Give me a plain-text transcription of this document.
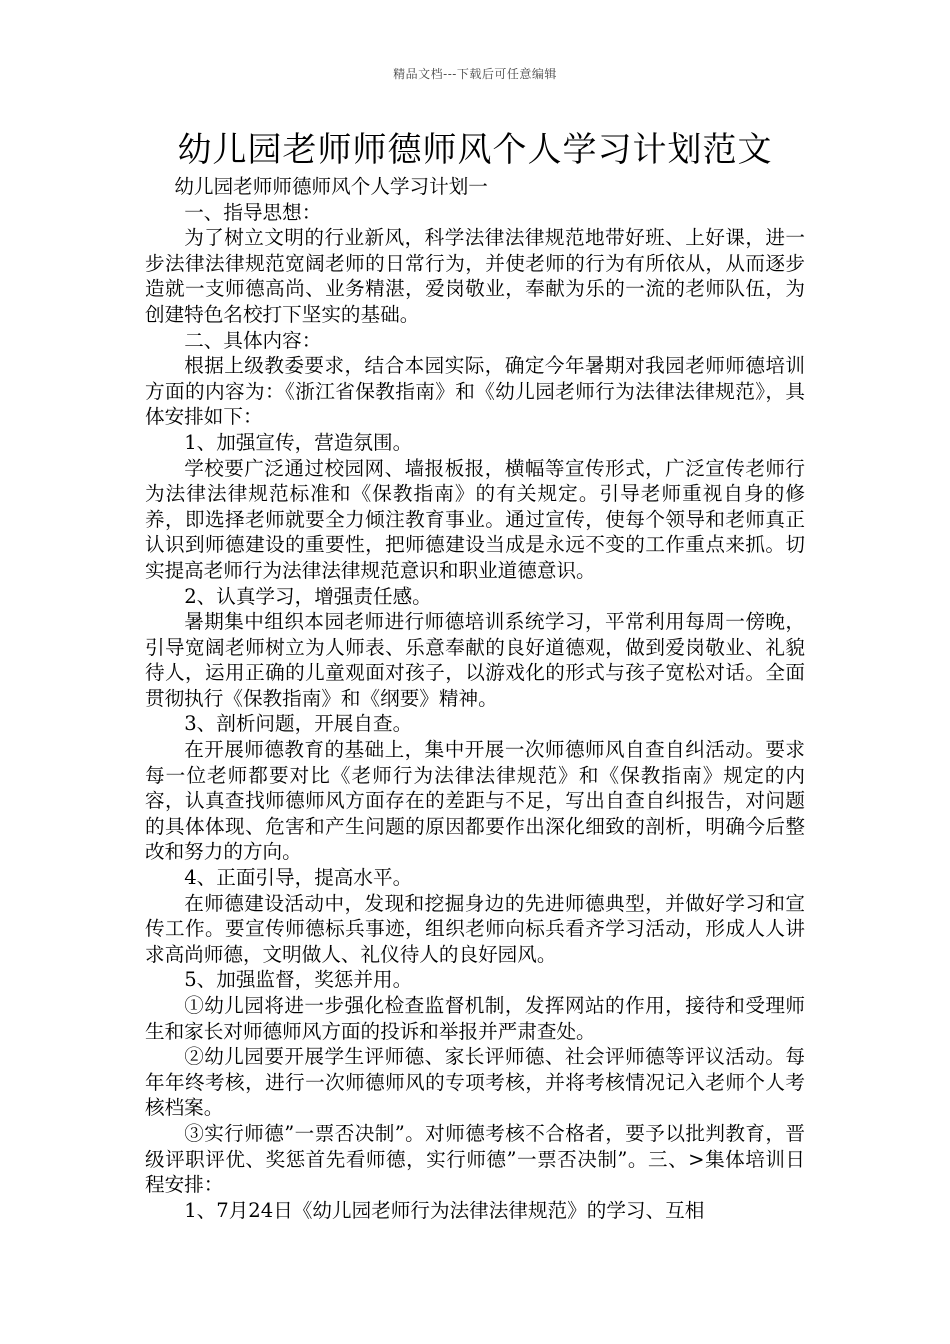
精品文档---下载后可任意编辑
幼儿园老师师德师风个人学习计划范文

幼儿园老师师德师风个人学习计划一

一、指导思想：

为了树立文明的行业新风，科学法律法律规范地带好班、上好课，进一步法律法律规范宽阔老师的日常行为，并使老师的行为有所依从，从而逐步造就一支师德高尚、业务精湛，爱岗敬业，奉献为乐的一流的老师队伍，为创建特色名校打下坚实的基础。

二、具体内容：

根据上级教委要求，结合本园实际，确定今年暑期对我园老师师德培训方面的内容为：《浙江省保教指南》和《幼儿园老师行为法律法律规范》，具体安排如下：

1、加强宣传，营造氛围。

学校要广泛通过校园网、墙报板报，横幅等宣传形式，广泛宣传老师行为法律法律规范标准和《保教指南》的有关规定。引导老师重视自身的修养，即选择老师就要全力倾注教育事业。通过宣传，使每个领导和老师真正认识到师德建设的重要性，把师德建设当成是永远不变的工作重点来抓。切实提高老师行为法律法律规范意识和职业道德意识。

2、认真学习，增强责任感。

暑期集中组织本园老师进行师德培训系统学习，平常利用每周一傍晚，引导宽阔老师树立为人师表、乐意奉献的良好道德观，做到爱岗敬业、礼貌待人，运用正确的儿童观面对孩子，以游戏化的形式与孩子宽松对话。全面贯彻执行《保教指南》和《纲要》精神。

3、剖析问题，开展自查。

在开展师德教育的基础上，集中开展一次师德师风自查自纠活动。要求每一位老师都要对比《老师行为法律法律规范》和《保教指南》规定的内容，认真查找师德师风方面存在的差距与不足，写出自查自纠报告，对问题的具体体现、危害和产生问题的原因都要作出深化细致的剖析，明确今后整改和努力的方向。

4、正面引导，提高水平。

在师德建设活动中，发现和挖掘身边的先进师德典型，并做好学习和宣传工作。要宣传师德标兵事迹，组织老师向标兵看齐学习活动，形成人人讲求高尚师德，文明做人、礼仪待人的良好园风。

5、加强监督，奖惩并用。

①幼儿园将进一步强化检查监督机制，发挥网站的作用，接待和受理师生和家长对师德师风方面的投诉和举报并严肃查处。

②幼儿园要开展学生评师德、家长评师德、社会评师德等评议活动。每年年终考核，进行一次师德师风的专项考核，并将考核情况记入老师个人考核档案。

③实行师德”一票否决制”。对师德考核不合格者，要予以批判教育，晋级评职评优、奖惩首先看师德，实行师德”一票否决制”。三、>集体培训日程安排：

1、7月24日《幼儿园老师行为法律法律规范》的学习、互相
